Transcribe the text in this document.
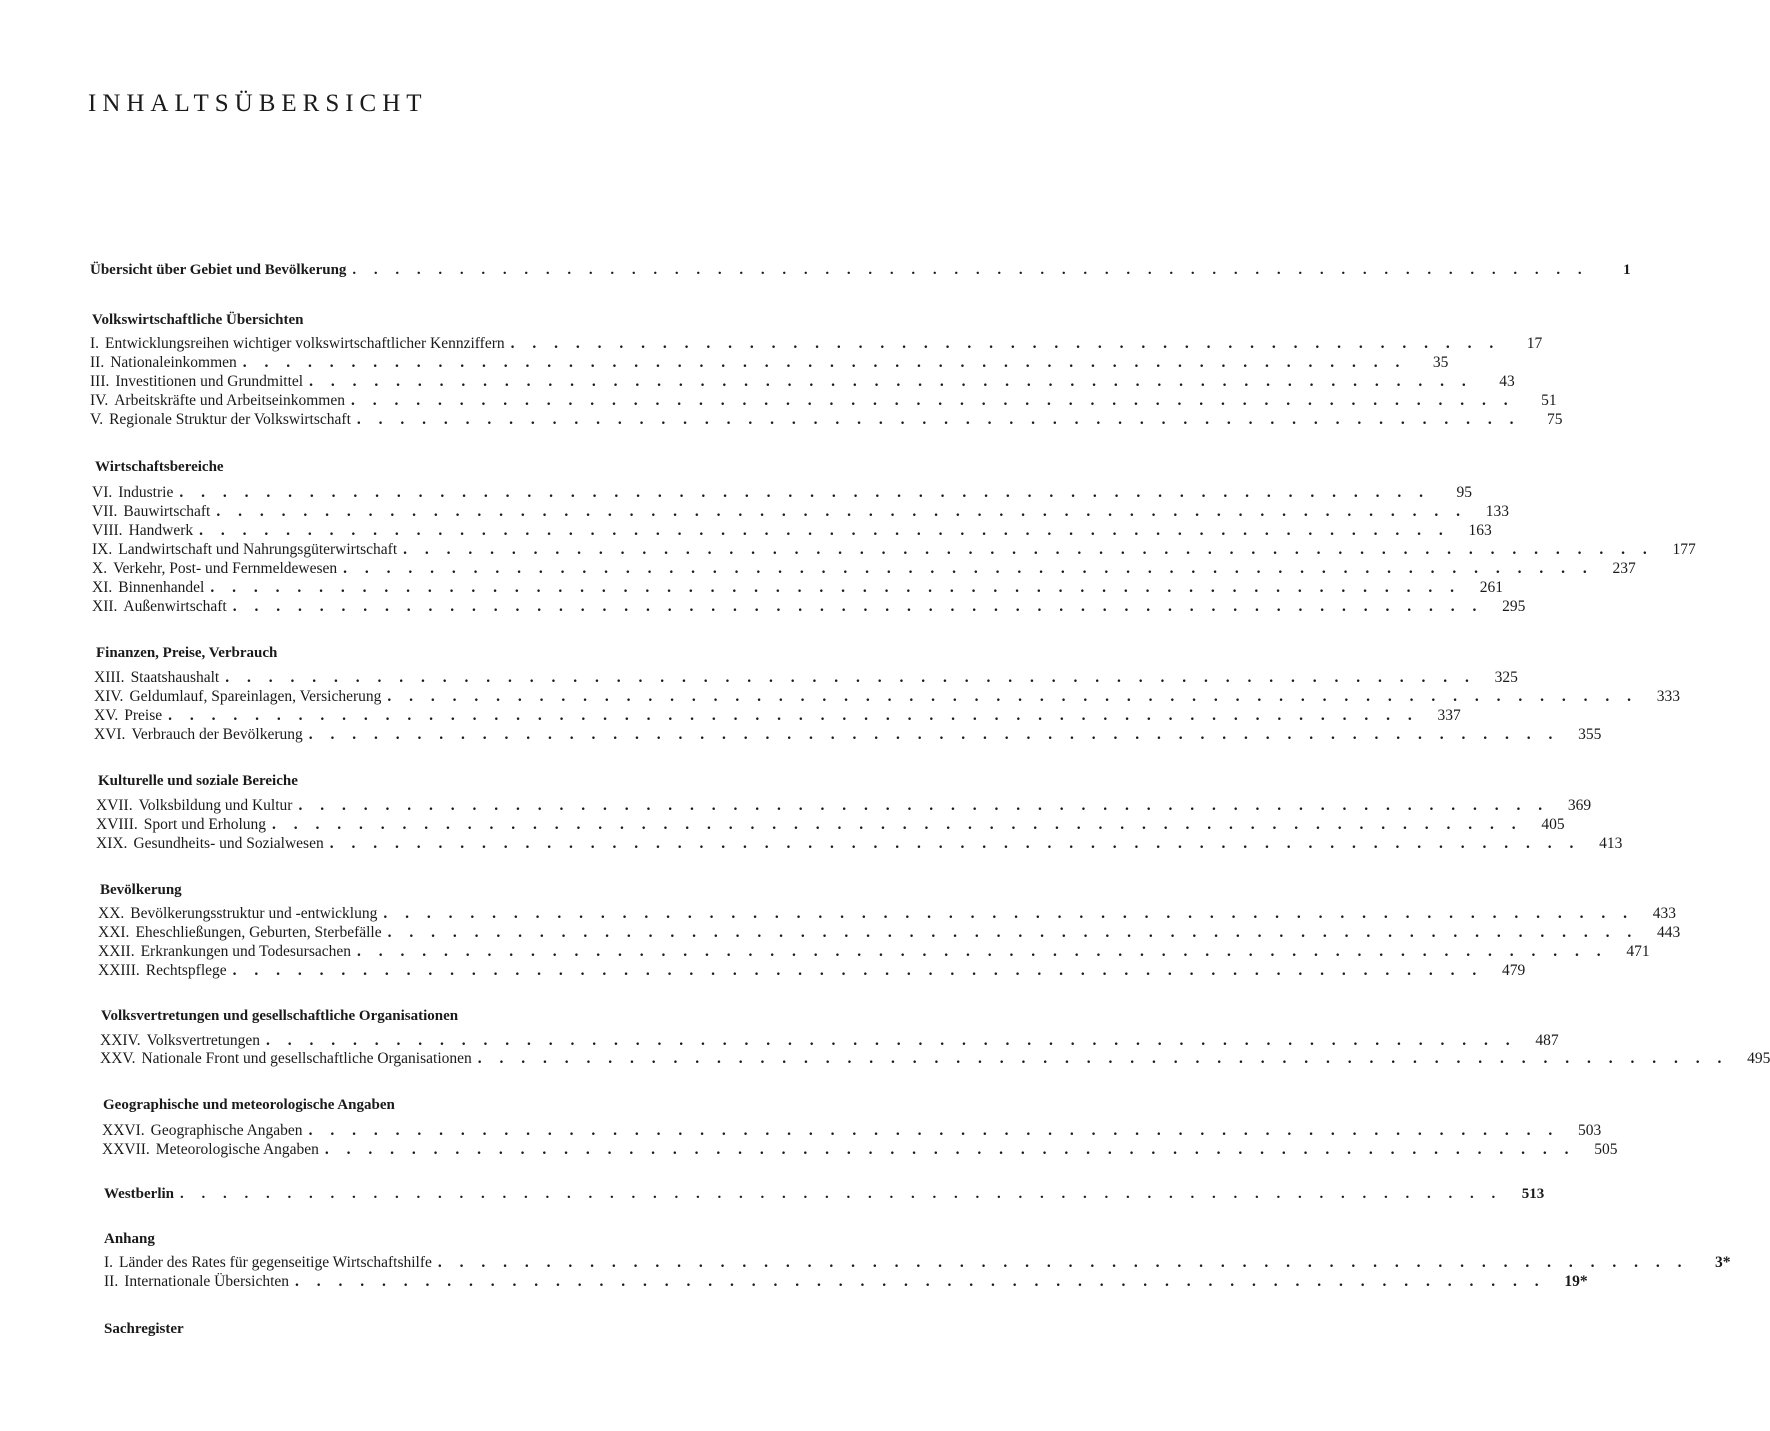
INHALTSÜBERSICHT
Übersicht über Gebiet und Bevölkerung . . . . . . . . . . . . . . . . . . . . . . . . . . . . . . . . . . . . . . . . . . . . . . . . . . . . . . . . . .	1
Volkswirtschaftliche Übersichten
I. Entwicklungsreihen wichtiger volkswirtschaftlicher Kennziffern . . . . . . . . . . . . . . . . . . . . . . . . . . . . . . . . . . . . . . . . . . . . . .	17
II. Nationaleinkommen . . . . . . . . . . . . . . . . . . . . . . . . . . . . . . . . . . . . . . . . . . . . . . . . . . . . . .	35
III. Investitionen und Grundmittel . . . . . . . . . . . . . . . . . . . . . . . . . . . . . . . . . . . . . . . . . . . . . . . . . . . . . .	43
IV. Arbeitskräfte und Arbeitseinkommen . . . . . . . . . . . . . . . . . . . . . . . . . . . . . . . . . . . . . . . . . . . . . . . . . . . . . .	51
V. Regionale Struktur der Volkswirtschaft . . . . . . . . . . . . . . . . . . . . . . . . . . . . . . . . . . . . . . . . . . . . . . . . . . . . . .	75
Wirtschaftsbereiche
VI. Industrie . . . . . . . . . . . . . . . . . . . . . . . . . . . . . . . . . . . . . . . . . . . . . . . . . . . . . . . . . .	95
VII. Bauwirtschaft . . . . . . . . . . . . . . . . . . . . . . . . . . . . . . . . . . . . . . . . . . . . . . . . . . . . . . . . . .	133
VIII. Handwerk . . . . . . . . . . . . . . . . . . . . . . . . . . . . . . . . . . . . . . . . . . . . . . . . . . . . . . . . . .	163
IX. Landwirtschaft und Nahrungsgüterwirtschaft . . . . . . . . . . . . . . . . . . . . . . . . . . . . . . . . . . . . . . . . . . . . . . . . . . . . . . . . . .	177
X. Verkehr, Post- und Fernmeldewesen . . . . . . . . . . . . . . . . . . . . . . . . . . . . . . . . . . . . . . . . . . . . . . . . . . . . . . . . . .	237
XI. Binnenhandel . . . . . . . . . . . . . . . . . . . . . . . . . . . . . . . . . . . . . . . . . . . . . . . . . . . . . . . . . .	261
XII. Außenwirtschaft . . . . . . . . . . . . . . . . . . . . . . . . . . . . . . . . . . . . . . . . . . . . . . . . . . . . . . . . . .	295
Finanzen, Preise, Verbrauch
XIII. Staatshaushalt . . . . . . . . . . . . . . . . . . . . . . . . . . . . . . . . . . . . . . . . . . . . . . . . . . . . . . . . . .	325
XIV. Geldumlauf, Spareinlagen, Versicherung . . . . . . . . . . . . . . . . . . . . . . . . . . . . . . . . . . . . . . . . . . . . . . . . . . . . . . . . . .	333
XV. Preise . . . . . . . . . . . . . . . . . . . . . . . . . . . . . . . . . . . . . . . . . . . . . . . . . . . . . . . . . .	337
XVI. Verbrauch der Bevölkerung . . . . . . . . . . . . . . . . . . . . . . . . . . . . . . . . . . . . . . . . . . . . . . . . . . . . . . . . . .	355
Kulturelle und soziale Bereiche
XVII. Volksbildung und Kultur . . . . . . . . . . . . . . . . . . . . . . . . . . . . . . . . . . . . . . . . . . . . . . . . . . . . . . . . . .	369
XVIII. Sport und Erholung . . . . . . . . . . . . . . . . . . . . . . . . . . . . . . . . . . . . . . . . . . . . . . . . . . . . . . . . . .	405
XIX. Gesundheits- und Sozialwesen . . . . . . . . . . . . . . . . . . . . . . . . . . . . . . . . . . . . . . . . . . . . . . . . . . . . . . . . . .	413
Bevölkerung
XX. Bevölkerungsstruktur und -entwicklung . . . . . . . . . . . . . . . . . . . . . . . . . . . . . . . . . . . . . . . . . . . . . . . . . . . . . . . . . .	433
XXI. Eheschließungen, Geburten, Sterbefälle . . . . . . . . . . . . . . . . . . . . . . . . . . . . . . . . . . . . . . . . . . . . . . . . . . . . . . . . . .	443
XXII. Erkrankungen und Todesursachen . . . . . . . . . . . . . . . . . . . . . . . . . . . . . . . . . . . . . . . . . . . . . . . . . . . . . . . . . .	471
XXIII. Rechtspflege . . . . . . . . . . . . . . . . . . . . . . . . . . . . . . . . . . . . . . . . . . . . . . . . . . . . . . . . . .	479
Volksvertretungen und gesellschaftliche Organisationen
XXIV. Volksvertretungen . . . . . . . . . . . . . . . . . . . . . . . . . . . . . . . . . . . . . . . . . . . . . . . . . . . . . . . . . .	487
XXV. Nationale Front und gesellschaftliche Organisationen . . . . . . . . . . . . . . . . . . . . . . . . . . . . . . . . . . . . . . . . . . . . . . . . . . . . . . . . . .	495
Geographische und meteorologische Angaben
XXVI. Geographische Angaben . . . . . . . . . . . . . . . . . . . . . . . . . . . . . . . . . . . . . . . . . . . . . . . . . . . . . . . . . .	503
XXVII. Meteorologische Angaben . . . . . . . . . . . . . . . . . . . . . . . . . . . . . . . . . . . . . . . . . . . . . . . . . . . . . . . . . .	505
Westberlin . . . . . . . . . . . . . . . . . . . . . . . . . . . . . . . . . . . . . . . . . . . . . . . . . . . . . . . . . . . . . .	513
Anhang
I. Länder des Rates für gegenseitige Wirtschaftshilfe . . . . . . . . . . . . . . . . . . . . . . . . . . . . . . . . . . . . . . . . . . . . . . . . . . . . . . . . . .	3*
II. Internationale Übersichten . . . . . . . . . . . . . . . . . . . . . . . . . . . . . . . . . . . . . . . . . . . . . . . . . . . . . . . . . .	19*
Sachregister
